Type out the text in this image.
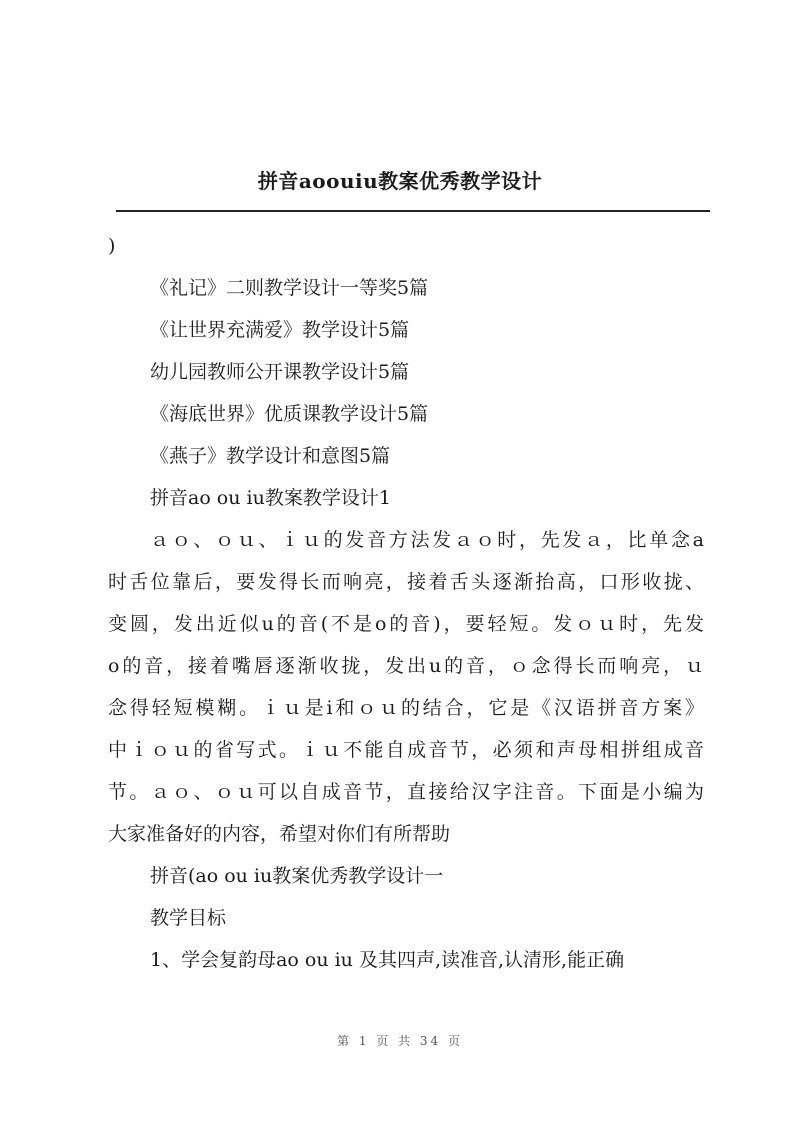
拼音aoouiu教案优秀教学设计
)
《礼记》二则教学设计一等奖5篇
《让世界充满爱》教学设计5篇
幼儿园教师公开课教学设计5篇
《海底世界》优质课教学设计5篇
《燕子》教学设计和意图5篇
拼音ao ou iu教案教学设计1
ａｏ、ｏｕ、ｉｕ的发音方法发ａｏ时，先发ａ，比单念a
时舌位靠后，要发得长而响亮，接着舌头逐渐抬高，口形收拢、
变圆，发出近似u的音(不是o的音)，要轻短。发ｏｕ时，先发
o的音，接着嘴唇逐渐收拢，发出u的音，ｏ念得长而响亮，ｕ
念得轻短模糊。ｉｕ是i和ｏｕ的结合，它是《汉语拼音方案》
中ｉｏｕ的省写式。ｉｕ不能自成音节，必须和声母相拼组成音
节。ａｏ、ｏｕ可以自成音节，直接给汉字注音。下面是小编为
大家准备好的内容，希望对你们有所帮助
拼音(ao ou iu教案优秀教学设计一
教学目标
1、学会复韵母ao ou iu 及其四声,读准音,认清形,能正确
第 1 页 共 34 页
